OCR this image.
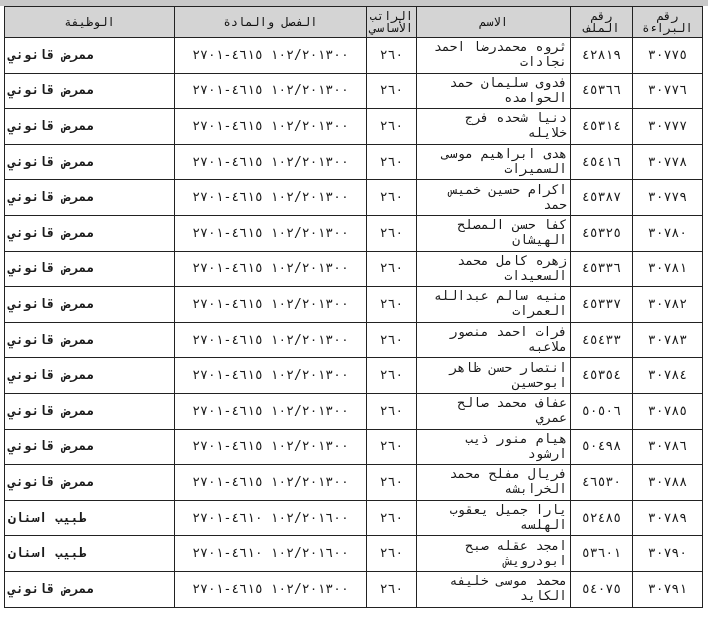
رقم البراءة	رقم الملف	الاسم	الراتب الأساسي	الفصل والمادة	الوظيفة
٣٠٧٧٥	٤٢٨١٩	ثروه محمدرضا احمد نجادات	٢٦٠	١٠٢/٢٠١٣٠٠ ٤٦١٥-٢٧٠١	ممرض قانوني
٣٠٧٧٦	٤٥٣٦٦	فدوى سليمان حمد الحوامده	٢٦٠	١٠٢/٢٠١٣٠٠ ٤٦١٥-٢٧٠١	ممرض قانوني
٣٠٧٧٧	٤٥٣١٤	دنيا شحده فرج خلايله	٢٦٠	١٠٢/٢٠١٣٠٠ ٤٦١٥-٢٧٠١	ممرض قانوني
٣٠٧٧٨	٤٥٤١٦	هدى ابراهيم موسى السميرات	٢٦٠	١٠٢/٢٠١٣٠٠ ٤٦١٥-٢٧٠١	ممرض قانوني
٣٠٧٧٩	٤٥٣٨٧	اكرام حسين خميس حمد	٢٦٠	١٠٢/٢٠١٣٠٠ ٤٦١٥-٢٧٠١	ممرض قانوني
٣٠٧٨٠	٤٥٣٢٥	كفا حسن المصلح الهيشان	٢٦٠	١٠٢/٢٠١٣٠٠ ٤٦١٥-٢٧٠١	ممرض قانوني
٣٠٧٨١	٤٥٣٣٦	زهره كامل محمد السعيدات	٢٦٠	١٠٢/٢٠١٣٠٠ ٤٦١٥-٢٧٠١	ممرض قانوني
٣٠٧٨٢	٤٥٣٣٧	منيه سالم عبدالله العمرات	٢٦٠	١٠٢/٢٠١٣٠٠ ٤٦١٥-٢٧٠١	ممرض قانوني
٣٠٧٨٣	٤٥٤٣٣	فرات احمد منصور ملاعبه	٢٦٠	١٠٢/٢٠١٣٠٠ ٤٦١٥-٢٧٠١	ممرض قانوني
٣٠٧٨٤	٤٥٣٥٤	انتصار حسن ظاهر ابوحسين	٢٦٠	١٠٢/٢٠١٣٠٠ ٤٦١٥-٢٧٠١	ممرض قانوني
٣٠٧٨٥	٥٠٥٠٦	عفاف محمد صالح عمري	٢٦٠	١٠٢/٢٠١٣٠٠ ٤٦١٥-٢٧٠١	ممرض قانوني
٣٠٧٨٦	٥٠٤٩٨	هيام منور ذيب ارشود	٢٦٠	١٠٢/٢٠١٣٠٠ ٤٦١٥-٢٧٠١	ممرض قانوني
٣٠٧٨٨	٤٦٥٣٠	فريال مفلح محمد الخرابشه	٢٦٠	١٠٢/٢٠١٣٠٠ ٤٦١٥-٢٧٠١	ممرض قانوني
٣٠٧٨٩	٥٢٤٨٥	يارا جميل يعقوب الهلسه	٢٦٠	١٠٢/٢٠١٦٠٠ ٤٦١٠-٢٧٠١	طبيب اسنان
٣٠٧٩٠	٥٣٦٠١	امجد عقله صبح ابودرويش	٢٦٠	١٠٢/٢٠١٦٠٠ ٤٦١٠-٢٧٠١	طبيب اسنان
٣٠٧٩١	٥٤٠٧٥	محمد موسى خليفه الكايد	٢٦٠	١٠٢/٢٠١٣٠٠ ٤٦١٥-٢٧٠١	ممرض قانوني
